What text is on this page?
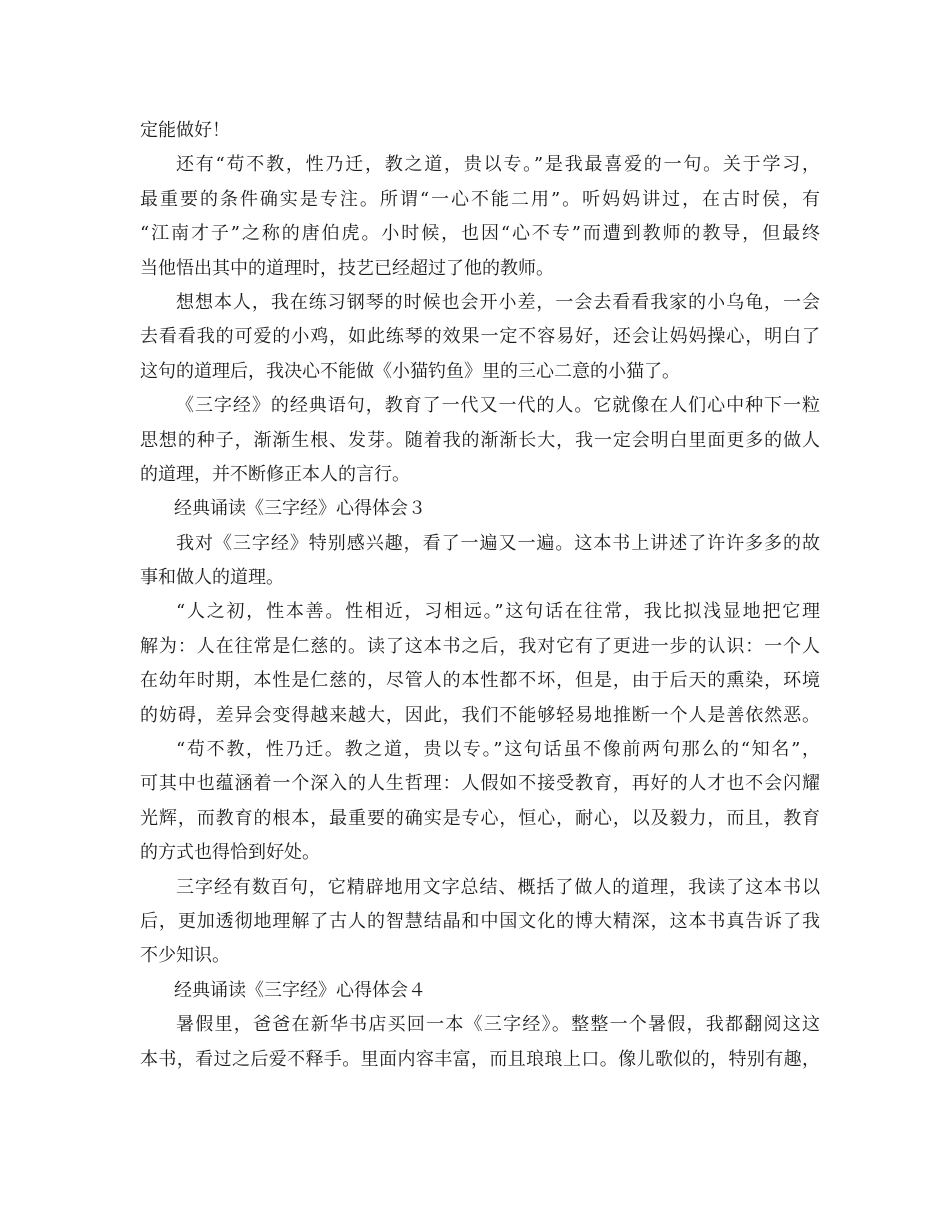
定能做好！
还有“苟不教，性乃迁，教之道，贵以专。”是我最喜爱的一句。关于学习，
最重要的条件确实是专注。所谓“一心不能二用”。听妈妈讲过，在古时侯，有
“江南才子”之称的唐伯虎。小时候，也因“心不专”而遭到教师的教导，但最终
当他悟出其中的道理时，技艺已经超过了他的教师。
想想本人，我在练习钢琴的时候也会开小差，一会去看看我家的小乌龟，一会
去看看我的可爱的小鸡，如此练琴的效果一定不容易好，还会让妈妈操心，明白了
这句的道理后，我决心不能做《小猫钓鱼》里的三心二意的小猫了。
《三字经》的经典语句，教育了一代又一代的人。它就像在人们心中种下一粒
思想的种子，渐渐生根、发芽。随着我的渐渐长大，我一定会明白里面更多的做人
的道理，并不断修正本人的言行。
经典诵读《三字经》心得体会３
我对《三字经》特别感兴趣，看了一遍又一遍。这本书上讲述了许许多多的故
事和做人的道理。
“人之初，性本善。性相近，习相远。”这句话在往常，我比拟浅显地把它理
解为：人在往常是仁慈的。读了这本书之后，我对它有了更进一步的认识：一个人
在幼年时期，本性是仁慈的，尽管人的本性都不坏，但是，由于后天的熏染，环境
的妨碍，差异会变得越来越大，因此，我们不能够轻易地推断一个人是善依然恶。
“苟不教，性乃迁。教之道，贵以专。”这句话虽不像前两句那么的“知名”，
可其中也蕴涵着一个深入的人生哲理：人假如不接受教育，再好的人才也不会闪耀
光辉，而教育的根本，最重要的确实是专心，恒心，耐心，以及毅力，而且，教育
的方式也得恰到好处。
三字经有数百句，它精辟地用文字总结、概括了做人的道理，我读了这本书以
后，更加透彻地理解了古人的智慧结晶和中国文化的博大精深，这本书真告诉了我
不少知识。
经典诵读《三字经》心得体会４
暑假里，爸爸在新华书店买回一本《三字经》。整整一个暑假，我都翻阅这这
本书，看过之后爱不释手。里面内容丰富，而且琅琅上口。像儿歌似的，特别有趣，
